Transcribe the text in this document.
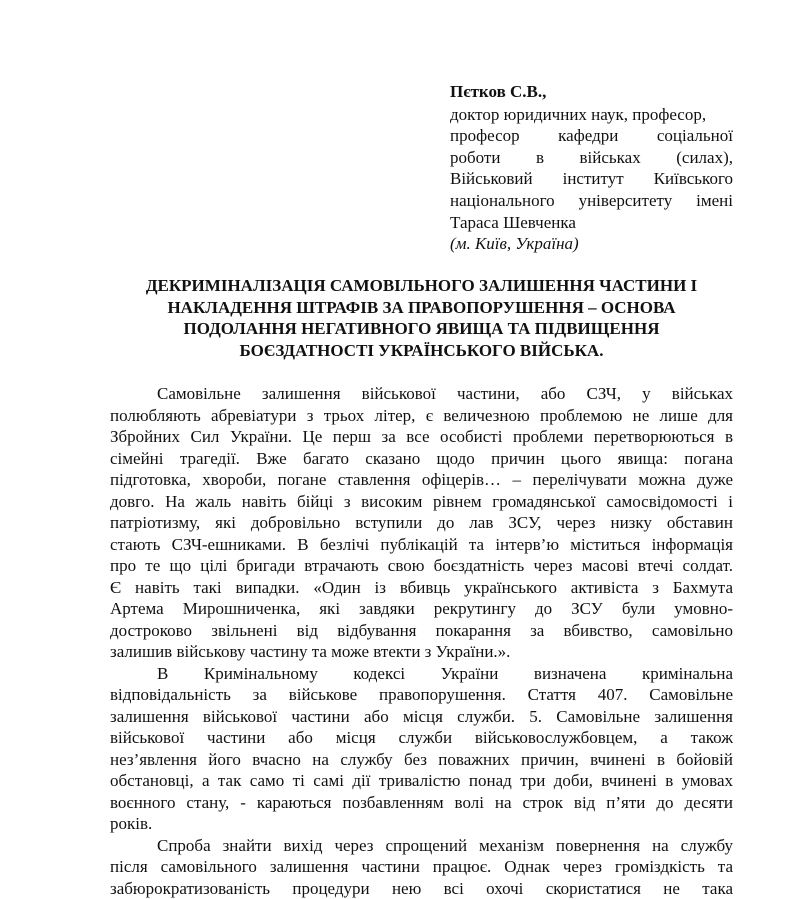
Пєтков С.В.,
доктор юридичних наук, професор,
професор кафедри соціальної
роботи в військах (силах),
Військовий інститут Київського
національного університету імені
Тараса Шевченка
(м. Київ, Україна)
ДЕКРИМІНАЛІЗАЦІЯ САМОВІЛЬНОГО ЗАЛИШЕННЯ ЧАСТИНИ І
НАКЛАДЕННЯ ШТРАФІВ ЗА ПРАВОПОРУШЕННЯ – ОСНОВА
ПОДОЛАННЯ НЕГАТИВНОГО ЯВИЩА ТА ПІДВИЩЕННЯ
БОЄЗДАТНОСТІ УКРАЇНСЬКОГО ВІЙСЬКА.
Самовільне залишення військової частини, або СЗЧ, у військах
полюбляють абревіатури з трьох літер, є величезною проблемою не лише для
Збройних Сил України. Це перш за все особисті проблеми перетворюються в
сімейні трагедії. Вже багато сказано щодо причин цього явища: погана
підготовка, хвороби, погане ставлення офіцерів… – перелічувати можна дуже
довго. На жаль навіть бійці з високим рівнем громадянської самосвідомості і
патріотизму, які добровільно вступили до лав ЗСУ, через низку обставин
стають СЗЧ-ешниками. В безлічі публікацій та інтерв’ю міститься інформація
про те що цілі бригади втрачають свою боєздатність через масові втечі солдат.
Є навіть такі випадки. «Один із вбивць українського активіста з Бахмута
Артема Мирошниченка, які завдяки рекрутингу до ЗСУ були умовно-
достроково звільнені від відбування покарання за вбивство, самовільно
залишив військову частину та може втекти з України.».
В Кримінальному кодексі України визначена кримінальна
відповідальність за військове правопорушення. Стаття 407. Самовільне
залишення військової частини або місця служби. 5. Самовільне залишення
військової частини або місця служби військовослужбовцем, а також
нез’явлення його вчасно на службу без поважних причин, вчинені в бойовій
обстановці, а так само ті самі дії тривалістю понад три доби, вчинені в умовах
воєнного стану, - караються позбавленням волі на строк від п’яти до десяти
років.
Спроба знайти вихід через спрощений механізм повернення на службу
після самовільного залишення частини працює. Однак через громіздкість та
забюрократизованість процедури нею всі охочі скористатися не така
